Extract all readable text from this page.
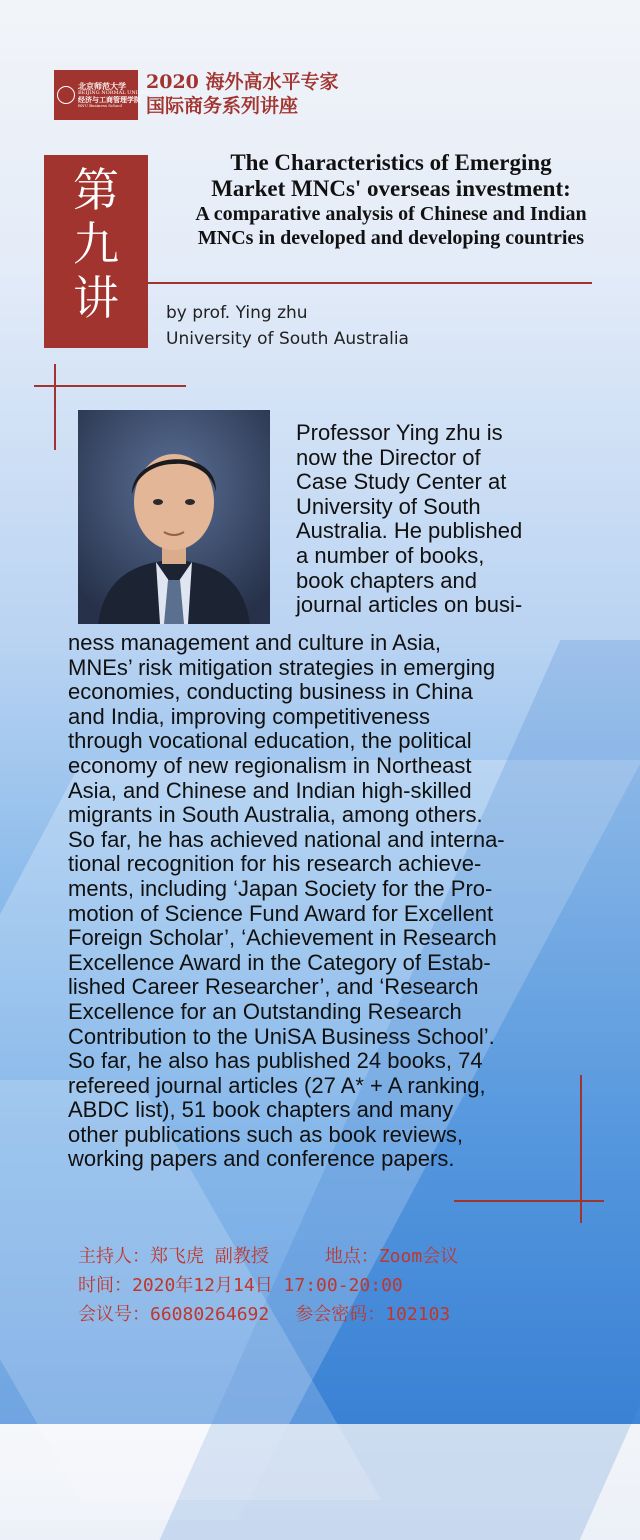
北京师范大学
BEIJING NORMAL UNIVERSITY
经济与工商管理学院
BNU Business School
2020 海外高水平专家
国际商务系列讲座
第
九
讲
The Characteristics of Emerging
Market MNCs' overseas investment:
A comparative analysis of Chinese and Indian
MNCs in developed and developing countries
by prof. Ying zhu
University of South Australia
Professor Ying zhu is
now the Director of
Case Study Center at
University of South
Australia. He published
a number of books,
book chapters and
journal articles on busi-
ness management and culture in Asia,
MNEs’ risk mitigation strategies in emerging
economies, conducting business in China
and India, improving competitiveness
through vocational education, the political
economy of new regionalism in Northeast
Asia, and Chinese and Indian high-skilled
migrants in South Australia, among others.
So far, he has achieved national and interna-
tional recognition for his research achieve-
ments, including ‘Japan Society for the Pro-
motion of Science Fund Award for Excellent
Foreign Scholar’, ‘Achievement in Research
Excellence Award in the Category of Estab-
lished Career Researcher’, and ‘Research
Excellence for an Outstanding Research
Contribution to the UniSA Business School’.
So far, he also has published 24 books, 74
refereed journal articles (27 A* + A ranking,
ABDC list), 51 book chapters and many
other publications such as book reviews,
working papers and conference papers.
主持人：郑飞虎 副教授	地点：Zoom会议
时间：2020年12月14日 17:00-20:00
会议号：66080264692 参会密码：102103
